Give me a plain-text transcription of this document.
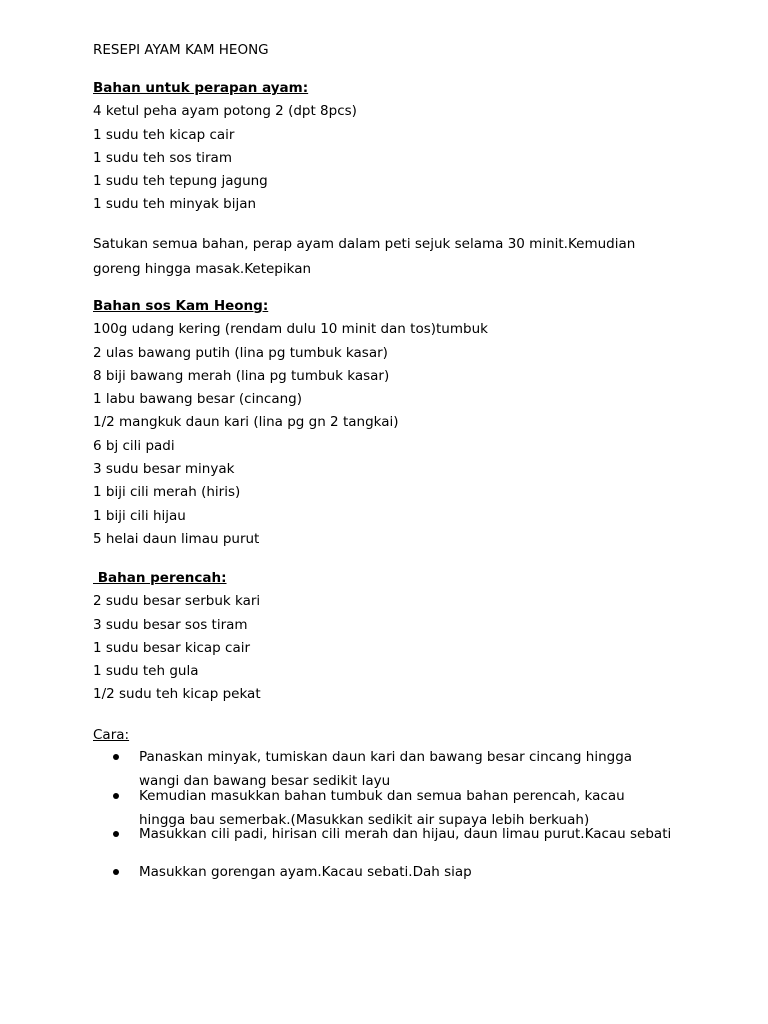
RESEPI AYAM KAM HEONG
Bahan untuk perapan ayam:
4 ketul peha ayam potong 2 (dpt 8pcs)
1 sudu teh kicap cair
1 sudu teh sos tiram
1 sudu teh tepung jagung
1 sudu teh minyak bijan
Satukan semua bahan, perap ayam dalam peti sejuk selama 30 minit.Kemudian goreng hingga masak.Ketepikan
Bahan sos Kam Heong:
100g udang kering (rendam dulu 10 minit dan tos)tumbuk
2 ulas bawang putih (lina pg tumbuk kasar)
8 biji bawang merah (lina pg tumbuk kasar)
1 labu bawang besar (cincang)
1/2 mangkuk daun kari (lina pg gn 2 tangkai)
6 bj cili padi
3 sudu besar minyak
1 biji cili merah (hiris)
1 biji cili hijau
5 helai daun limau purut
Bahan perencah:
2 sudu besar serbuk kari
3 sudu besar sos tiram
1 sudu besar kicap cair
1 sudu teh gula
1/2 sudu teh kicap pekat
Cara:
Panaskan minyak, tumiskan daun kari dan bawang besar cincang hingga wangi dan bawang besar sedikit layu
Kemudian masukkan bahan tumbuk dan semua bahan perencah, kacau hingga bau semerbak.(Masukkan sedikit air supaya lebih berkuah)
Masukkan cili padi, hirisan cili merah dan hijau, daun limau purut.Kacau sebati
Masukkan gorengan ayam.Kacau sebati.Dah siap
